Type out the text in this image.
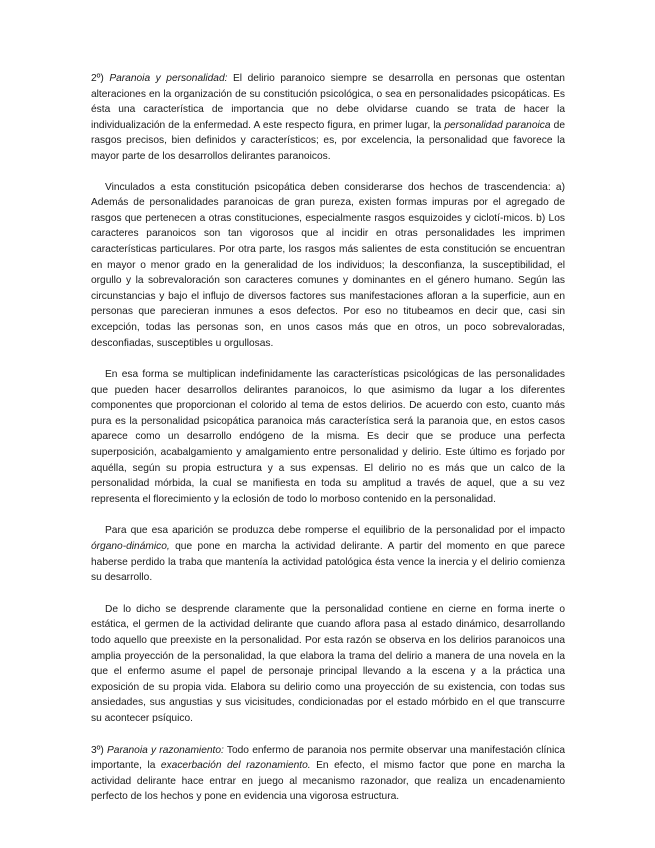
2º) Paranoia y personalidad: El delirio paranoico siempre se desarrolla en personas que ostentan alteraciones en la organización de su constitución psicológica, o sea en personalidades psicopáticas. Es ésta una característica de importancia que no debe olvidarse cuando se trata de hacer la individualización de la enfermedad. A este respecto figura, en primer lugar, la personalidad paranoica de rasgos precisos, bien definidos y característicos; es, por excelencia, la personalidad que favorece la mayor parte de los desarrollos delirantes paranoicos.

Vinculados a esta constitución psicopática deben considerarse dos hechos de trascendencia: a) Además de personalidades paranoicas de gran pureza, existen formas impuras por el agregado de rasgos que pertenecen a otras constituciones, especialmente rasgos esquizoides y ciclotí-micos. b) Los caracteres paranoicos son tan vigorosos que al incidir en otras personalidades les imprimen características particulares. Por otra parte, los rasgos más salientes de esta constitución se encuentran en mayor o menor grado en la generalidad de los individuos; la desconfianza, la susceptibilidad, el orgullo y la sobrevaloración son caracteres comunes y dominantes en el género humano. Según las circunstancias y bajo el influjo de diversos factores sus manifestaciones afloran a la superficie, aun en personas que parecieran inmunes a esos defectos. Por eso no titubeamos en decir que, casi sin excepción, todas las personas son, en unos casos más que en otros, un poco sobrevaloradas, desconfiadas, susceptibles u orgullosas.

En esa forma se multiplican indefinidamente las características psicológicas de las personalidades que pueden hacer desarrollos delirantes paranoicos, lo que asimismo da lugar a los diferentes componentes que proporcionan el colorido al tema de estos delirios. De acuerdo con esto, cuanto más pura es la personalidad psicopática paranoica más característica será la paranoia que, en estos casos aparece como un desarrollo endógeno de la misma. Es decir que se produce una perfecta superposición, acabalgamiento y amalgamiento entre personalidad y delirio. Este último es forjado por aquélla, según su propia estructura y a sus expensas. El delirio no es más que un calco de la personalidad mórbida, la cual se manifiesta en toda su amplitud a través de aquel, que a su vez representa el florecimiento y la eclosión de todo lo morboso contenido en la personalidad.

Para que esa aparición se produzca debe romperse el equilibrio de la personalidad por el impacto órgano-dinámico, que pone en marcha la actividad delirante. A partir del momento en que parece haberse perdido la traba que mantenía la actividad patológica ésta vence la inercia y el delirio comienza su desarrollo.

De lo dicho se desprende claramente que la personalidad contiene en cierne en forma inerte o estática, el germen de la actividad delirante que cuando aflora pasa al estado dinámico, desarrollando todo aquello que preexiste en la personalidad. Por esta razón se observa en los delirios paranoicos una amplia proyección de la personalidad, la que elabora la trama del delirio a manera de una novela en la que el enfermo asume el papel de personaje principal llevando a la escena y a la práctica una exposición de su propia vida. Elabora su delirio como una proyección de su existencia, con todas sus ansiedades, sus angustias y sus vicisitudes, condicionadas por el estado mórbido en el que transcurre su acontecer psíquico.

3º) Paranoia y razonamiento: Todo enfermo de paranoia nos permite observar una manifestación clínica importante, la exacerbación del razonamiento. En efecto, el mismo factor que pone en marcha la actividad delirante hace entrar en juego al mecanismo razonador, que realiza un encadenamiento perfecto de los hechos y pone en evidencia una vigorosa estructura.
